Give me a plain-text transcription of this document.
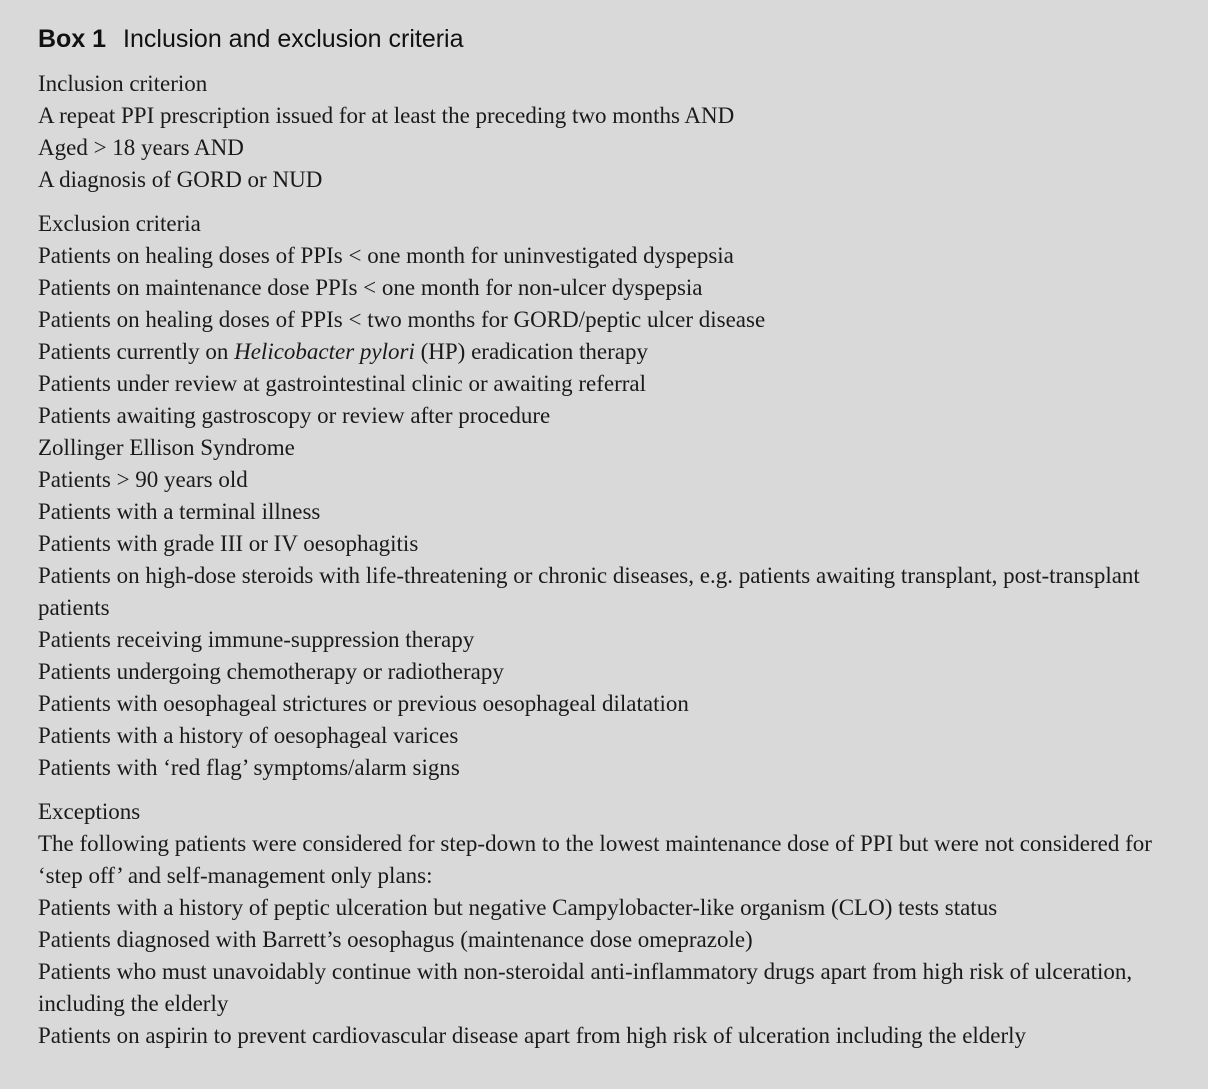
Box 1 Inclusion and exclusion criteria

Inclusion criterion

A repeat PPI prescription issued for at least the preceding two months AND

Aged > 18 years AND

A diagnosis of GORD or NUD

Exclusion criteria

Patients on healing doses of PPIs < one month for uninvestigated dyspepsia

Patients on maintenance dose PPIs < one month for non-ulcer dyspepsia

Patients on healing doses of PPIs < two months for GORD/peptic ulcer disease

Patients currently on Helicobacter pylori (HP) eradication therapy

Patients under review at gastrointestinal clinic or awaiting referral

Patients awaiting gastroscopy or review after procedure

Zollinger Ellison Syndrome

Patients > 90 years old

Patients with a terminal illness

Patients with grade III or IV oesophagitis

Patients on high-dose steroids with life-threatening or chronic diseases, e.g. patients awaiting transplant, post-transplant patients

Patients receiving immune-suppression therapy

Patients undergoing chemotherapy or radiotherapy

Patients with oesophageal strictures or previous oesophageal dilatation

Patients with a history of oesophageal varices

Patients with ‘red flag’ symptoms/alarm signs

Exceptions

The following patients were considered for step-down to the lowest maintenance dose of PPI but were not considered for ‘step off’ and self-management only plans:

Patients with a history of peptic ulceration but negative Campylobacter-like organism (CLO) tests status

Patients diagnosed with Barrett’s oesophagus (maintenance dose omeprazole)

Patients who must unavoidably continue with non-steroidal anti-inflammatory drugs apart from high risk of ulceration, including the elderly

Patients on aspirin to prevent cardiovascular disease apart from high risk of ulceration including the elderly
